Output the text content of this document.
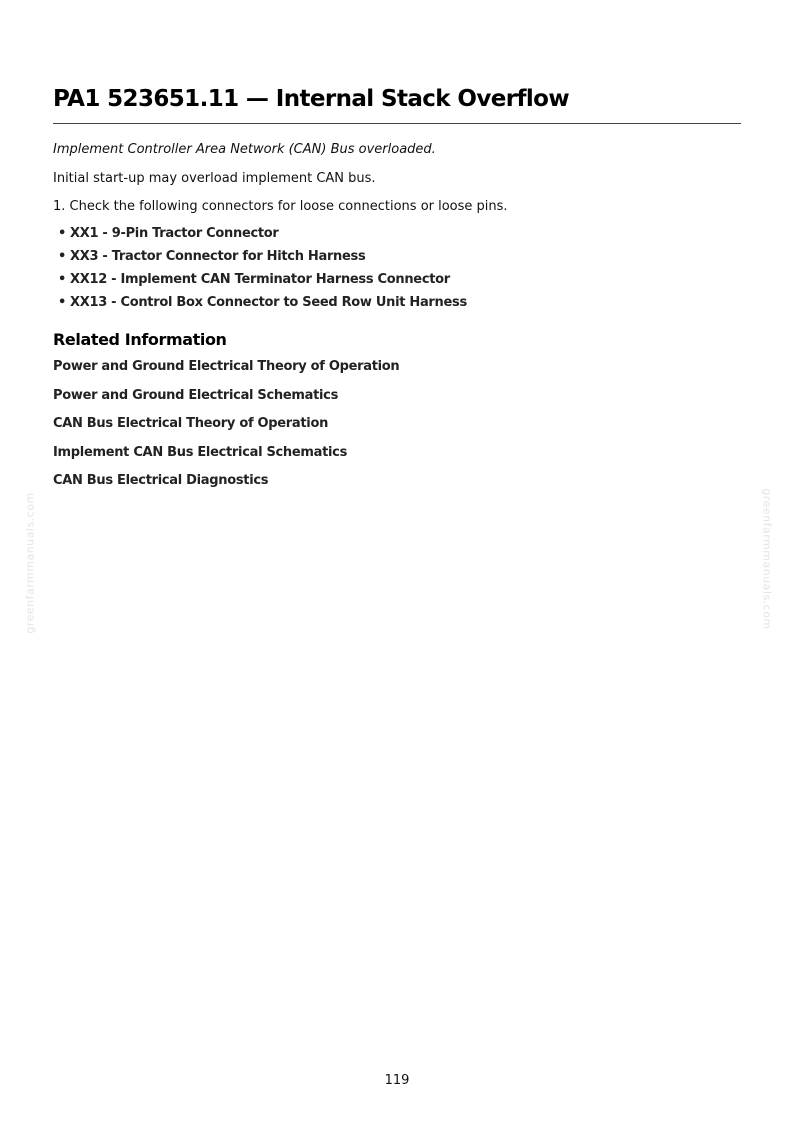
PA1 523651.11 — Internal Stack Overflow

Implement Controller Area Network (CAN) Bus overloaded.

Initial start-up may overload implement CAN bus.

1. Check the following connectors for loose connections or loose pins.

• XX1 - 9-Pin Tractor Connector
• XX3 - Tractor Connector for Hitch Harness
• XX12 - Implement CAN Terminator Harness Connector
• XX13 - Control Box Connector to Seed Row Unit Harness
Related Information
Power and Ground Electrical Theory of Operation
Power and Ground Electrical Schematics
CAN Bus Electrical Theory of Operation
Implement CAN Bus Electrical Schematics
CAN Bus Electrical Diagnostics
greenfarmmanuals.com	greenfarmmanuals.com
119
